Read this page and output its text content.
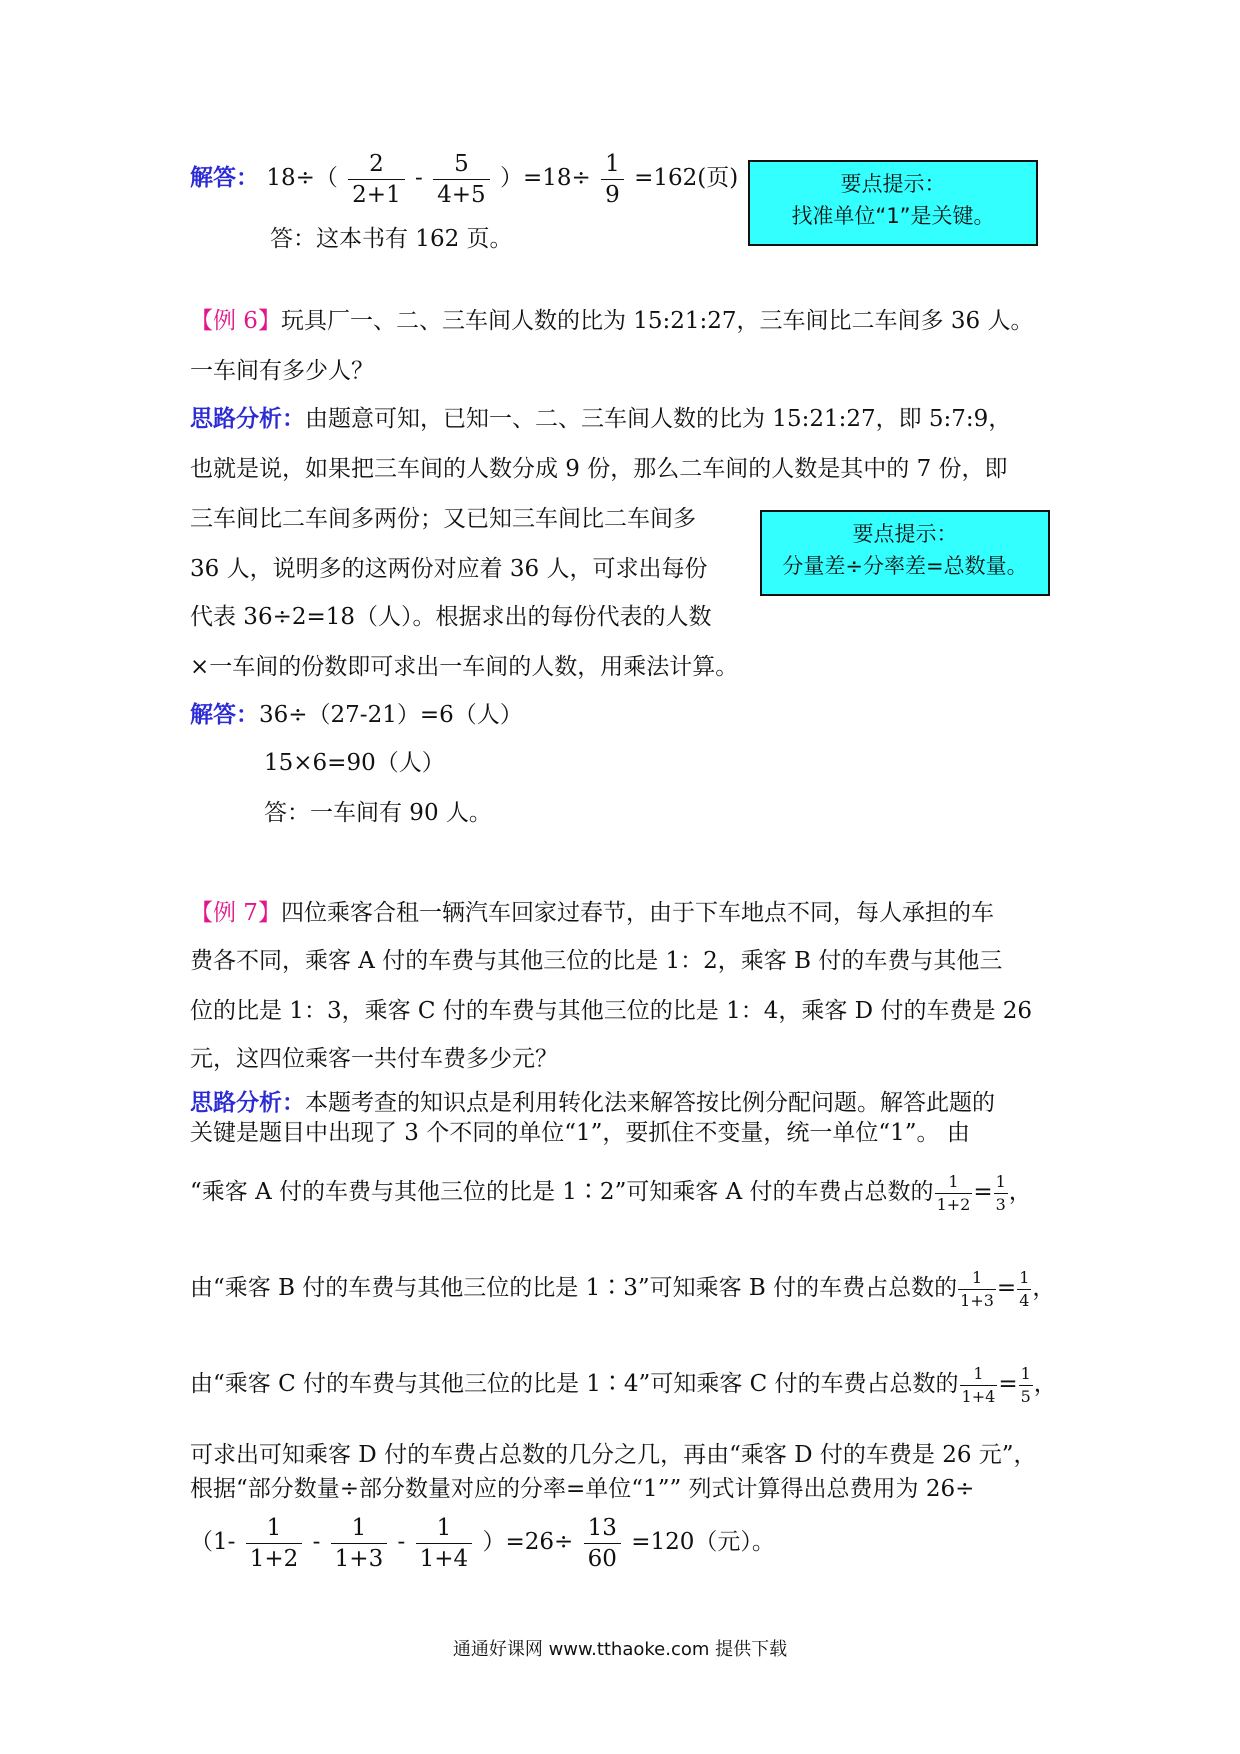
解答： $18\div( \frac{2}{2+1} - \frac{5}{4+5} )=18\div \frac{1}{9} =162$(页)
答：这本书有 162 页。
要点提示：
找准单位“1”是关键。
【例 6】玩具厂一、二、三车间人数的比为 15:21:27，三车间比二车间多 36 人。
一车间有多少人？
思路分析：由题意可知，已知一、二、三车间人数的比为 15:21:27，即 5:7:9，
也就是说，如果把三车间的人数分成 9 份，那么二车间的人数是其中的 7 份，即
三车间比二车间多两份；又已知三车间比二车间多
36 人，说明多的这两份对应着 36 人，可求出每份
代表 36÷2=18（人）。根据求出的每份代表的人数
×一车间的份数即可求出一车间的人数，用乘法计算。
要点提示：
分量差÷分率差=总数量。
解答：36÷（27-21）=6（人）
15×6=90（人）
答：一车间有 90 人。
【例 7】四位乘客合租一辆汽车回家过春节，由于下车地点不同，每人承担的车
费各不同，乘客 A 付的车费与其他三位的比是 1：2，乘客 B 付的车费与其他三
位的比是 1：3，乘客 C 付的车费与其他三位的比是 1：4，乘客 D 付的车费是 26
元，这四位乘客一共付车费多少元？
思路分析：本题考查的知识点是利用转化法来解答按比例分配问题。解答此题的
关键是题目中出现了 3 个不同的单位“1”，要抓住不变量，统一单位“1”。 由
“乘客 A 付的车费与其他三位的比是 1∶2”可知乘客 A 付的车费占总数的 $\frac{1}{1+2} = \frac{1}{3}$ ，
由“乘客 B 付的车费与其他三位的比是 1∶3”可知乘客 B 付的车费占总数的 $\frac{1}{1+3} = \frac{1}{4}$ ，
由“乘客 C 付的车费与其他三位的比是 1∶4”可知乘客 C 付的车费占总数的 $\frac{1}{1+4} = \frac{1}{5}$ ，
可求出可知乘客 D 付的车费占总数的几分之几，再由“乘客 D 付的车费是 26 元”，
根据“部分数量÷部分数量对应的分率=单位“1”” 列式计算得出总费用为 26÷
$(1- \frac{1}{1+2} - \frac{1}{1+3} - \frac{1}{1+4} )=26\div \frac{13}{60} =120$（元）。
通通好课网 www.tthaoke.com 提供下载
